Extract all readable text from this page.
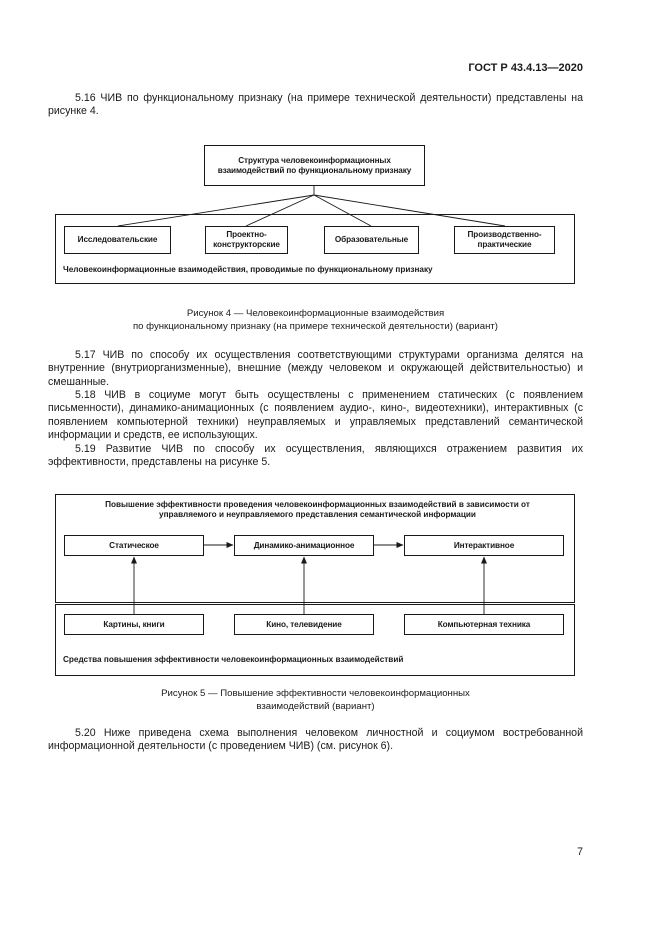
ГОСТ Р 43.4.13—2020

5.16 ЧИВ по функциональному признаку (на примере технической деятельности) представлены на рисунке 4.

Структура человекоинформационных взаимодействий по функциональному признаку
Исследовательские
Проектно-конструкторские
Образовательные
Производственно-практические
Человекоинформационные взаимодействия, проводимые по функциональному признаку
Рисунок 4 — Человекоинформационные взаимодействия
по функциональному признаку (на примере технической деятельности) (вариант)

5.17 ЧИВ по способу их осуществления соответствующими структурами организма делятся на внутренние (внутриорганизменные), внешние (между человеком и окружающей действительностью) и смешанные.

5.18 ЧИВ в социуме могут быть осуществлены с применением статических (с появлением письменности), динамико-анимационных (с появлением аудио-, кино-, видеотехники), интерактивных (с появлением компьютерной техники) неуправляемых и управляемых представлений семантической информации и средств, ее использующих.

5.19 Развитие ЧИВ по способу их осуществления, являющихся отражением развития их эффективности, представлены на рисунке 5.

Повышение эффективности проведения человекоинформационных взаимодействий в зависимости от управляемого и неуправляемого представления семантической информации
Статическое	Динамико-анимационное	Интерактивное
Картины, книги	Кино, телевидение	Компьютерная техника
Средства повышения эффективности человекоинформационных взаимодействий
Рисунок 5 — Повышение эффективности человекоинформационных
взаимодействий (вариант)

5.20 Ниже приведена схема выполнения человеком личностной и социумом востребованной информационной деятельности (с проведением ЧИВ) (см. рисунок 6).

7
